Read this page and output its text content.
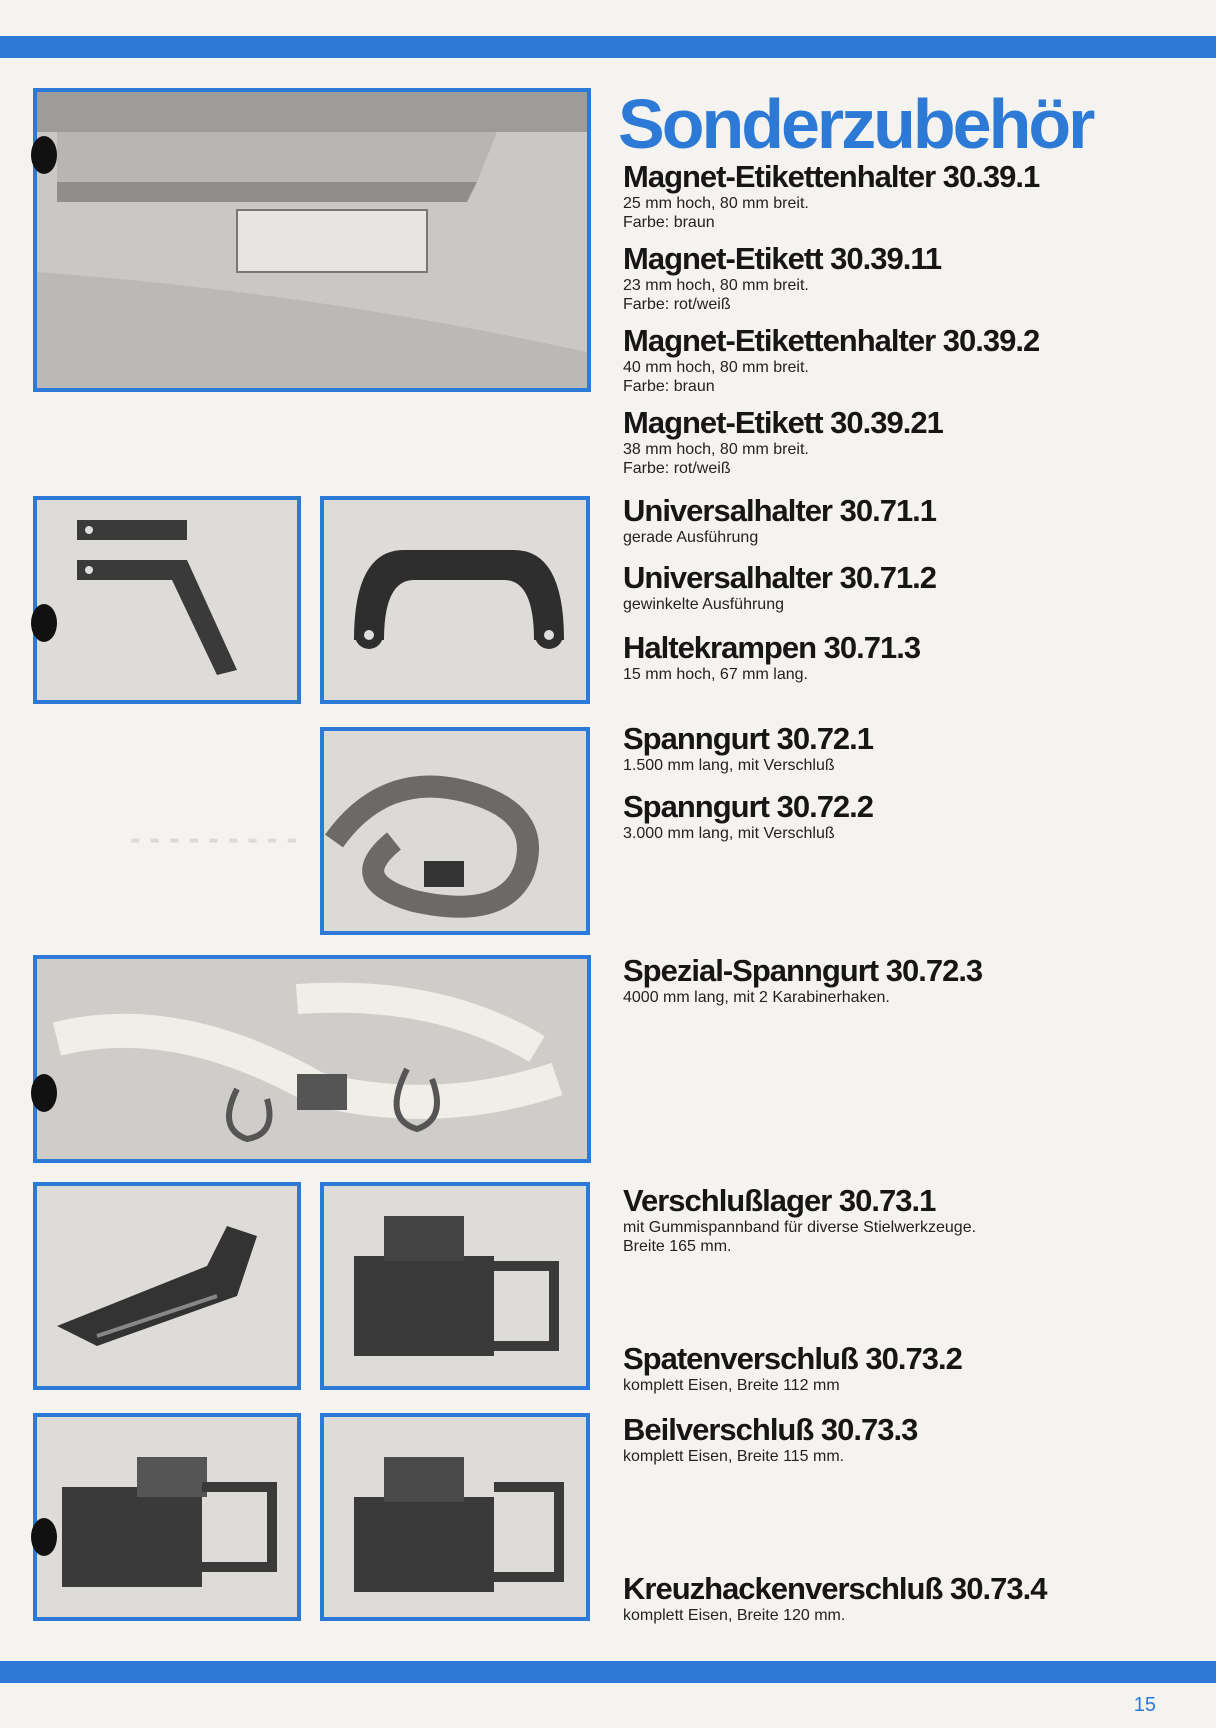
- - - - - - - - -
Sonderzubehör
Magnet-Etikettenhalter 30.39.1
25 mm hoch, 80 mm breit.
Farbe: braun
Magnet-Etikett 30.39.11
23 mm hoch, 80 mm breit.
Farbe: rot/weiß
Magnet-Etikettenhalter 30.39.2
40 mm hoch, 80 mm breit.
Farbe: braun
Magnet-Etikett 30.39.21
38 mm hoch, 80 mm breit.
Farbe: rot/weiß
Universalhalter 30.71.1
gerade Ausführung
Universalhalter 30.71.2
gewinkelte Ausführung
Haltekrampen 30.71.3
15 mm hoch, 67 mm lang.
Spanngurt 30.72.1
1.500 mm lang, mit Verschluß
Spanngurt 30.72.2
3.000 mm lang, mit Verschluß
Spezial-Spanngurt 30.72.3
4000 mm lang, mit 2 Karabinerhaken.
Verschlußlager 30.73.1
mit Gummispannband für diverse Stielwerkzeuge.
Breite 165 mm.
Spatenverschluß 30.73.2
komplett Eisen, Breite 112 mm
Beilverschluß 30.73.3
komplett Eisen, Breite 115 mm.
Kreuzhackenverschluß 30.73.4
komplett Eisen, Breite 120 mm.
15
